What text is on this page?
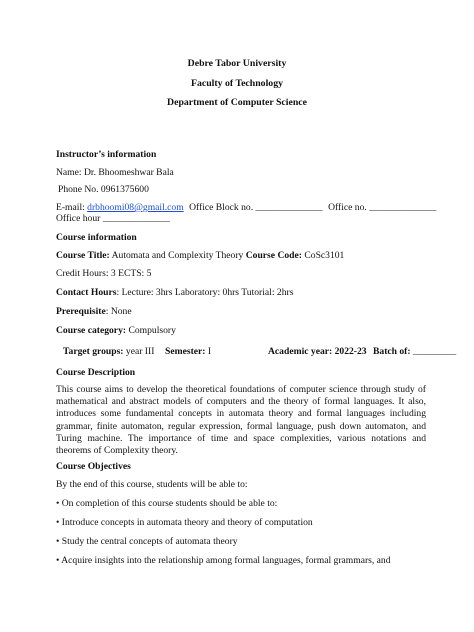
Debre Tabor University
Faculty of Technology
Department of Computer Science
Instructor’s information
Name: Dr. Bhoomeshwar Bala
Phone No. 0961375600
E-mail: drbhoomi08@gmail.com Office Block no. ______________ Office no. ______________
Office hour ______________
Course information
Course Title: Automata and Complexity Theory Course Code: CoSc3101
Credit Hours: 3 ECTS: 5
Contact Hours: Lecture: 3hrs Laboratory: 0hrs Tutorial: 2hrs
Prerequisite: None
Course category: Compulsory
Target groups: year III Semester: I	Academic year: 2022-23 Batch of: _________
Course Description
This course aims to develop the theoretical foundations of computer science through study of mathematical and abstract models of computers and the theory of formal languages. It also, introduces some fundamental concepts in automata theory and formal languages including grammar, finite automaton, regular expression, formal language, push down automaton, and Turing machine. The importance of time and space complexities, various notations and theorems of Complexity theory.
Course Objectives
By the end of this course, students will be able to:
• On completion of this course students should be able to:
• Introduce concepts in automata theory and theory of computation
• Study the central concepts of automata theory
• Acquire insights into the relationship among formal languages, formal grammars, and
